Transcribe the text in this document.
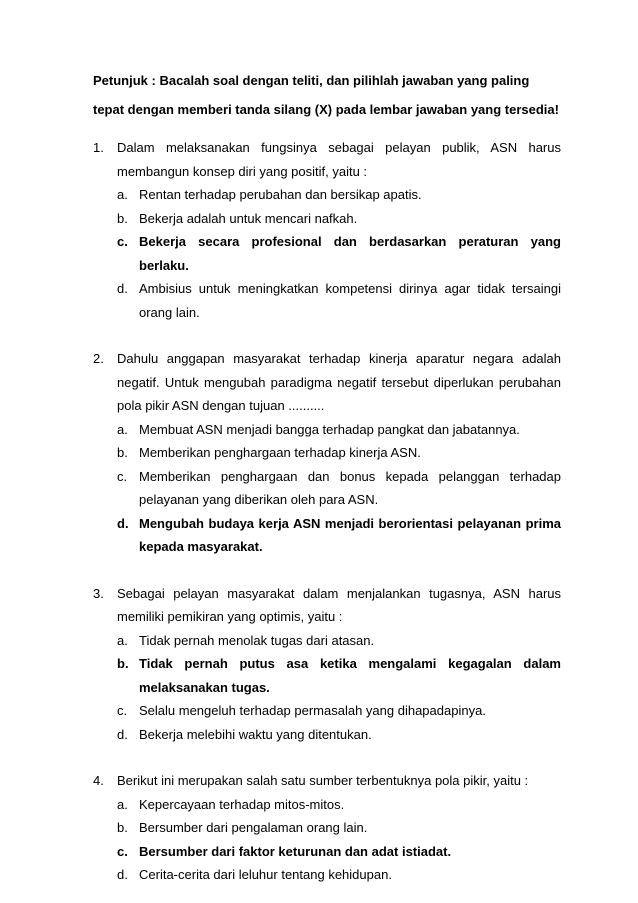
Petunjuk : Bacalah soal dengan teliti, dan pilihlah jawaban yang paling tepat dengan memberi tanda silang (X) pada lembar jawaban yang tersedia!

1.	Dalam melaksanakan fungsinya sebagai pelayan publik, ASN harus membangun konsep diri yang positif, yaitu :
a. Rentan terhadap perubahan dan bersikap apatis.
b. Bekerja adalah untuk mencari nafkah.
c. Bekerja secara profesional dan berdasarkan peraturan yang berlaku.
d. Ambisius untuk meningkatkan kompetensi dirinya agar tidak tersaingi orang lain.
2.	Dahulu anggapan masyarakat terhadap kinerja aparatur negara adalah negatif. Untuk mengubah paradigma negatif tersebut diperlukan perubahan pola pikir ASN dengan tujuan ..........
a. Membuat ASN menjadi bangga terhadap pangkat dan jabatannya.
b. Memberikan penghargaan terhadap kinerja ASN.
c. Memberikan penghargaan dan bonus kepada pelanggan terhadap pelayanan yang diberikan oleh para ASN.
d. Mengubah budaya kerja ASN menjadi berorientasi pelayanan prima kepada masyarakat.
3.	Sebagai pelayan masyarakat dalam menjalankan tugasnya, ASN harus memiliki pemikiran yang optimis, yaitu :
a. Tidak pernah menolak tugas dari atasan.
b. Tidak pernah putus asa ketika mengalami kegagalan dalam melaksanakan tugas.
c. Selalu mengeluh terhadap permasalah yang dihapadapinya.
d. Bekerja melebihi waktu yang ditentukan.
4.	Berikut ini merupakan salah satu sumber terbentuknya pola pikir, yaitu :
a. Kepercayaan terhadap mitos-mitos.
b. Bersumber dari pengalaman orang lain.
c. Bersumber dari faktor keturunan dan adat istiadat.
d. Cerita-cerita dari leluhur tentang kehidupan.
